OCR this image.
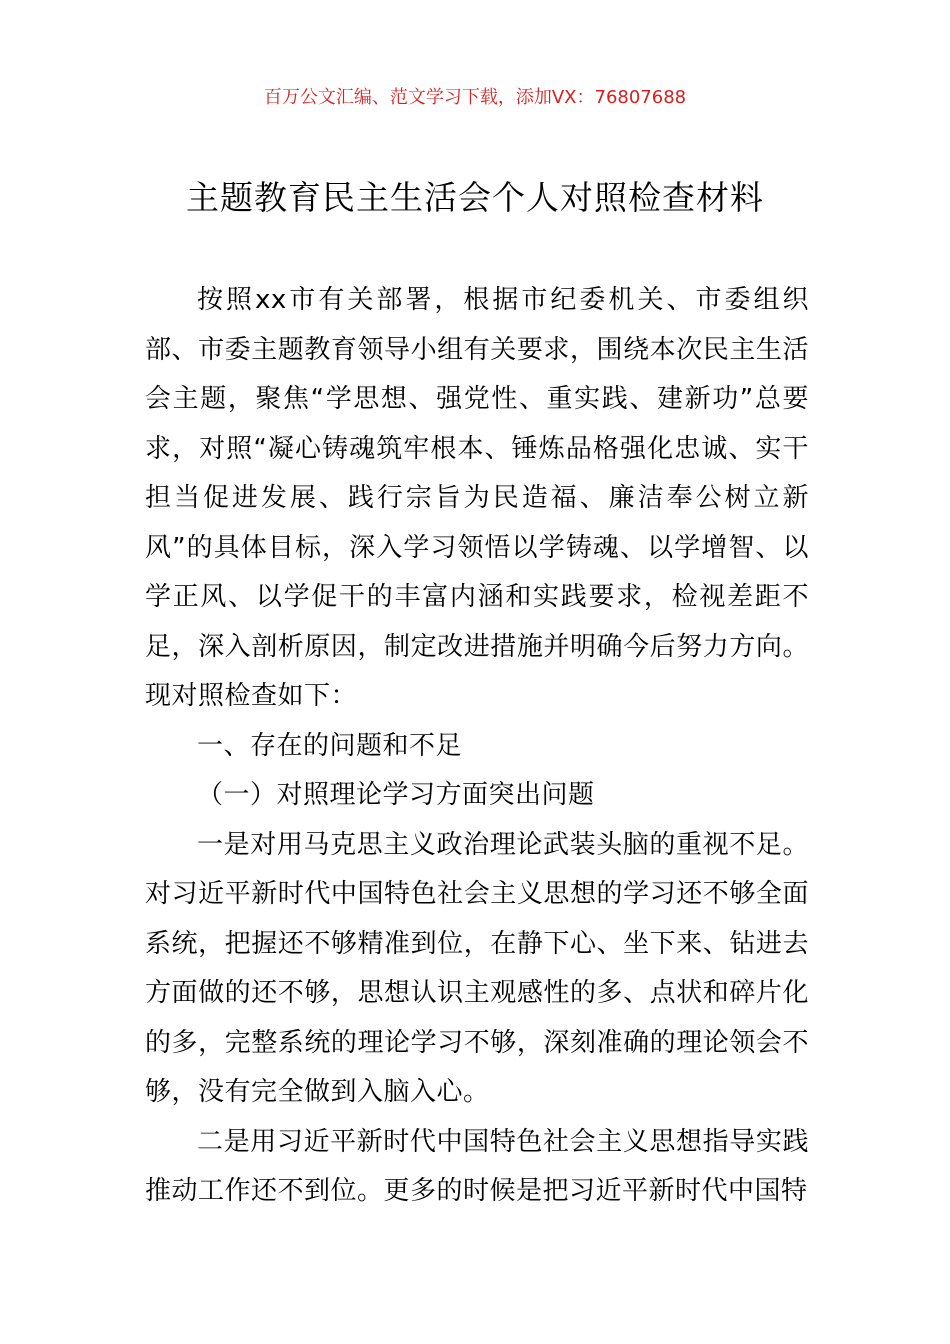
百万公文汇编、范文学习下载，添加VX：76807688
主题教育民主生活会个人对照检查材料

按照xx市有关部署，根据市纪委机关、市委组织部、市委主题教育领导小组有关要求，围绕本次民主生活会主题，聚焦“学思想、强党性、重实践、建新功”总要求，对照“凝心铸魂筑牢根本、锤炼品格强化忠诚、实干担当促进发展、践行宗旨为民造福、廉洁奉公树立新风”的具体目标，深入学习领悟以学铸魂、以学增智、以学正风、以学促干的丰富内涵和实践要求，检视差距不足，深入剖析原因，制定改进措施并明确今后努力方向。现对照检查如下：

一、存在的问题和不足

（一）对照理论学习方面突出问题

一是对用马克思主义政治理论武装头脑的重视不足。对习近平新时代中国特色社会主义思想的学习还不够全面系统，把握还不够精准到位，在静下心、坐下来、钻进去方面做的还不够，思想认识主观感性的多、点状和碎片化的多，完整系统的理论学习不够，深刻准确的理论领会不够，没有完全做到入脑入心。

二是用习近平新时代中国特色社会主义思想指导实践推动工作还不到位。更多的时候是把习近平新时代中国特
